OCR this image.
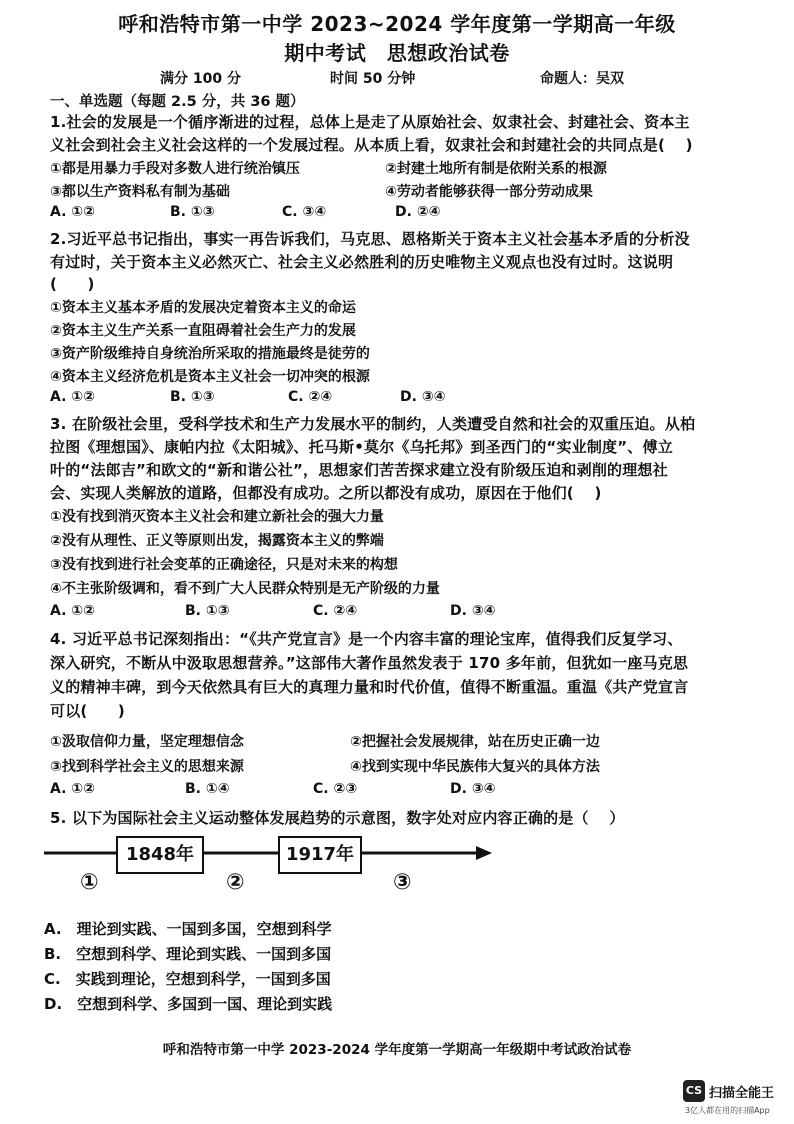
呼和浩特市第一中学 2023~2024 学年度第一学期高一年级
期中考试　思想政治试卷
满分 100 分	时间 50 分钟	命题人：吴双
一、单选题（每题 2.5 分，共 36 题）
1.社会的发展是一个循序渐进的过程，总体上是走了从原始社会、奴隶社会、封建社会、资本主
义社会到社会主义社会这样的一个发展过程。从本质上看，奴隶社会和封建社会的共同点是(　 )
①都是用暴力手段对多数人进行统治镇压	②封建土地所有制是依附关系的根源
③都以生产资料私有制为基础	④劳动者能够获得一部分劳动成果
A. ①②	B. ①③	C. ③④	D. ②④
2.习近平总书记指出，事实一再告诉我们，马克思、恩格斯关于资本主义社会基本矛盾的分析没
有过时，关于资本主义必然灭亡、社会主义必然胜利的历史唯物主义观点也没有过时。这说明
(　　)
①资本主义基本矛盾的发展决定着资本主义的命运
②资本主义生产关系一直阻碍着社会生产力的发展
③资产阶级维持自身统治所采取的措施最终是徒劳的
④资本主义经济危机是资本主义社会一切冲突的根源
A. ①②	B. ①③	C. ②④	D. ③④
3. 在阶级社会里，受科学技术和生产力发展水平的制约，人类遭受自然和社会的双重压迫。从柏
拉图《理想国》、康帕内拉《太阳城》、托马斯•莫尔《乌托邦》到圣西门的“实业制度”、傅立
叶的“法郎吉”和欧文的“新和谐公社”，思想家们苦苦探求建立没有阶级压迫和剥削的理想社
会、实现人类解放的道路，但都没有成功。之所以都没有成功，原因在于他们(　 )
①没有找到消灭资本主义社会和建立新社会的强大力量
②没有从理性、正义等原则出发，揭露资本主义的弊端
③没有找到进行社会变革的正确途径，只是对未来的构想
④不主张阶级调和，看不到广大人民群众特别是无产阶级的力量
A. ①②	B. ①③	C. ②④	D. ③④
4. 习近平总书记深刻指出：“《共产党宣言》是一个内容丰富的理论宝库，值得我们反复学习、
深入研究，不断从中汲取思想营养。”这部伟大著作虽然发表于 170 多年前，但犹如一座马克思
义的精神丰碑，到今天依然具有巨大的真理力量和时代价值，值得不断重温。重温《共产党宣言
可以(　　)
①汲取信仰力量，坚定理想信念	②把握社会发展规律，站在历史正确一边
③找到科学社会主义的思想来源	④找到实现中华民族伟大复兴的具体方法
A. ①②	B. ①④	C. ②③	D. ③④
5. 以下为国际社会主义运动整体发展趋势的示意图，数字处对应内容正确的是（　 ）
1848年	1917年
①	②	③
A.　理论到实践、一国到多国，空想到科学
B.　空想到科学、理论到实践、一国到多国
C.　实践到理论，空想到科学，一国到多国
D.　空想到科学、多国到一国、理论到实践
呼和浩特市第一中学 2023-2024 学年度第一学期高一年级期中考试政治试卷
CS 扫描全能王
3亿人都在用的扫描App
